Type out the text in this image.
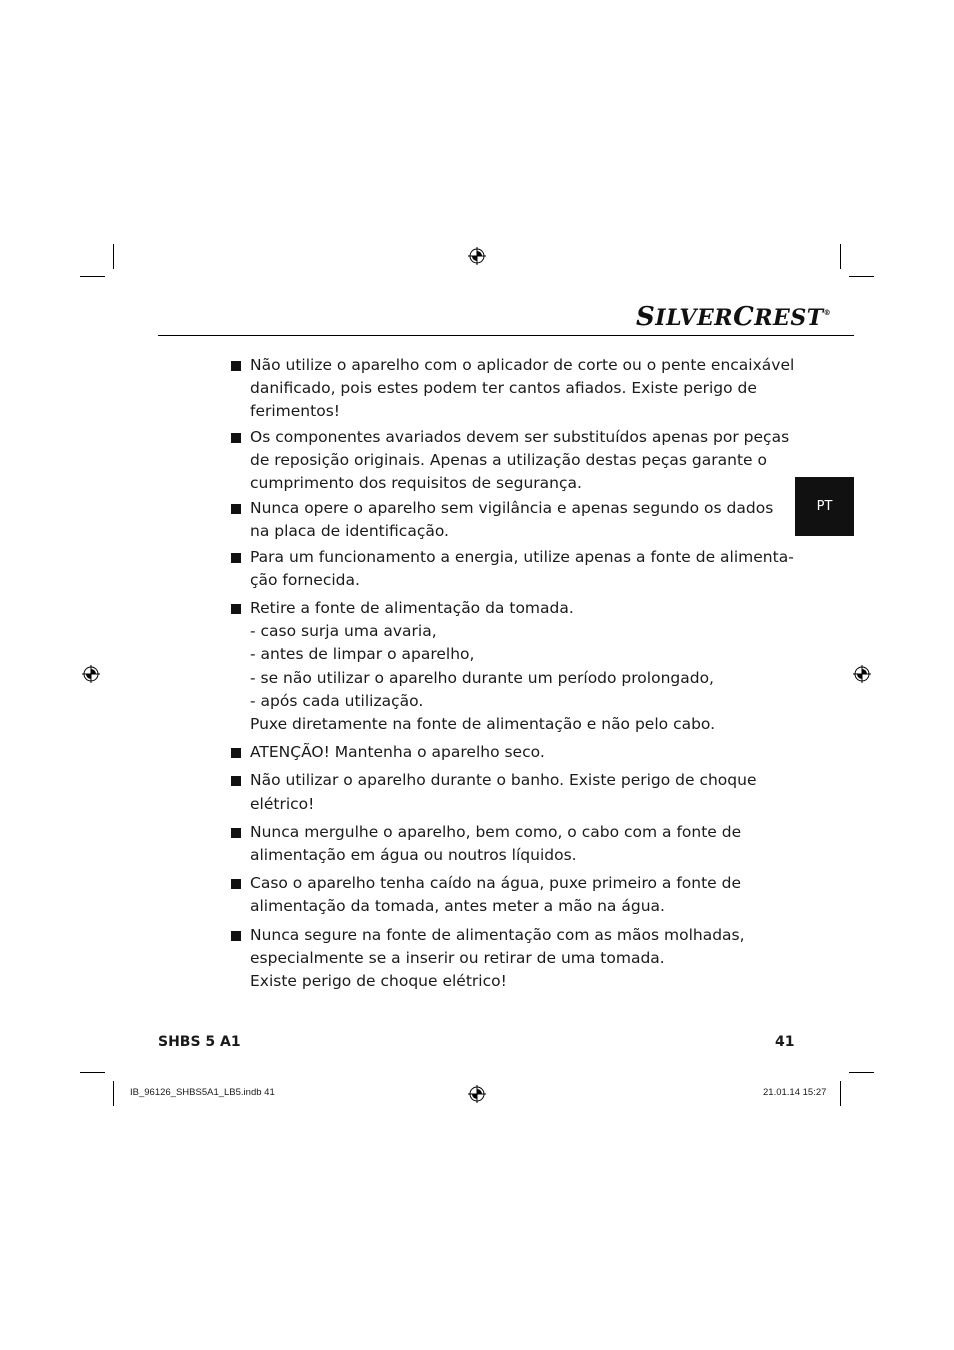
SILVERCREST®
PT
Não utilize o aparelho com o aplicador de corte ou o pente encaixável
danificado, pois estes podem ter cantos afiados. Existe perigo de
ferimentos!
Os componentes avariados devem ser substituídos apenas por peças
de reposição originais. Apenas a utilização destas peças garante o
cumprimento dos requisitos de segurança.
Nunca opere o aparelho sem vigilância e apenas segundo os dados
na placa de identificação.
Para um funcionamento a energia, utilize apenas a fonte de alimenta-
ção fornecida.
Retire a fonte de alimentação da tomada.
- caso surja uma avaria,
- antes de limpar o aparelho,
- se não utilizar o aparelho durante um período prolongado,
- após cada utilização.
Puxe diretamente na fonte de alimentação e não pelo cabo.
ATENÇÃO! Mantenha o aparelho seco.
Não utilizar o aparelho durante o banho. Existe perigo de choque
elétrico!
Nunca mergulhe o aparelho, bem como, o cabo com a fonte de
alimentação em água ou noutros líquidos.
Caso o aparelho tenha caído na água, puxe primeiro a fonte de
alimentação da tomada, antes meter a mão na água.
Nunca segure na fonte de alimentação com as mãos molhadas,
especialmente se a inserir ou retirar de uma tomada.
Existe perigo de choque elétrico!
SHBS 5 A1	41
IB_96126_SHBS5A1_LB5.indb 41	21.01.14 15:27
